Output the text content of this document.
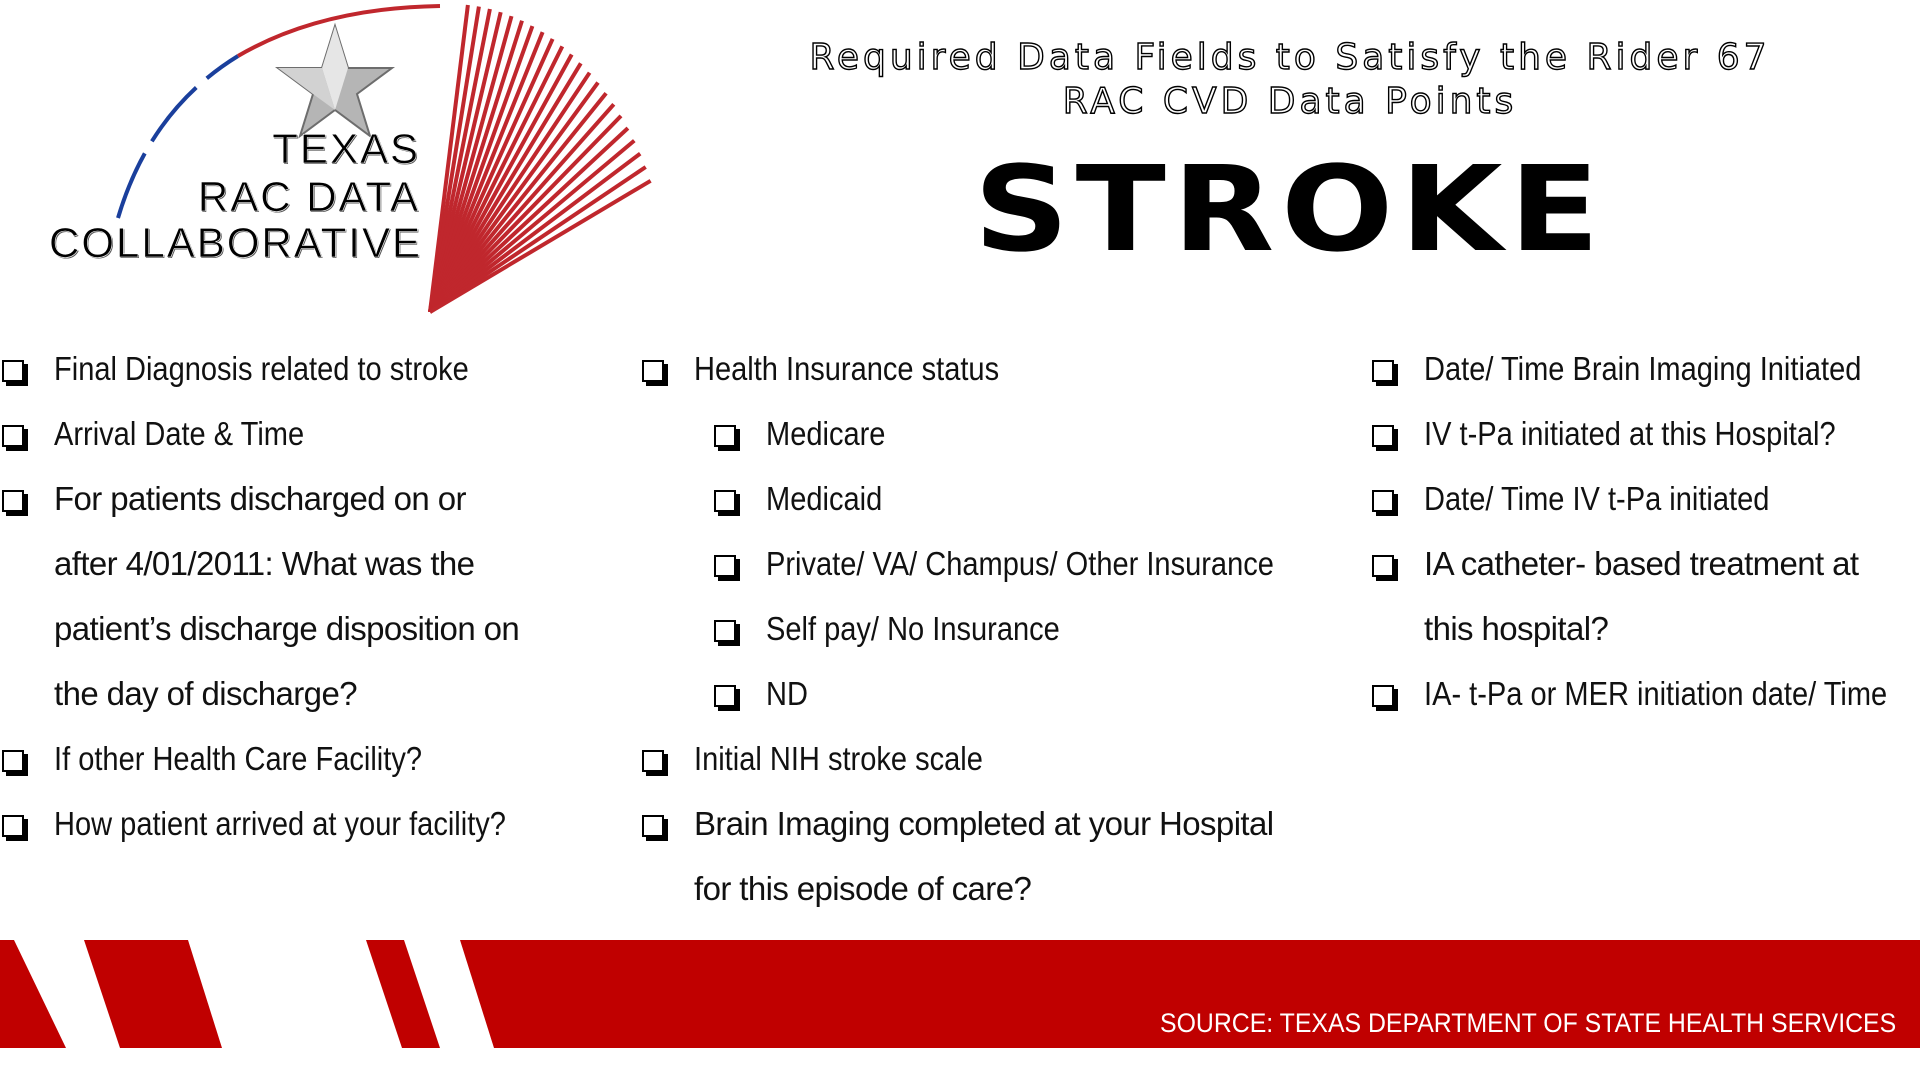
TEXAS
RAC DATA
COLLABORATIVE
Required Data Fields to Satisfy the Rider 67
RAC CVD Data Points
STROKE
Final Diagnosis related to stroke
Arrival Date & Time
For patients discharged on or after 4/01/2011: What was the patient’s discharge disposition on the day of discharge?
If other Health Care Facility?
How patient arrived at your facility?
Health Insurance status
Medicare
Medicaid
Private/ VA/ Champus/ Other Insurance
Self pay/ No Insurance
ND
Initial NIH stroke scale
Brain Imaging completed at your Hospital for this episode of care?
Date/ Time Brain Imaging Initiated
IV t-Pa initiated at this Hospital?
Date/ Time IV t-Pa initiated
IA catheter- based treatment at this hospital?
IA- t-Pa or MER initiation date/ Time
SOURCE: TEXAS DEPARTMENT OF STATE HEALTH SERVICES
